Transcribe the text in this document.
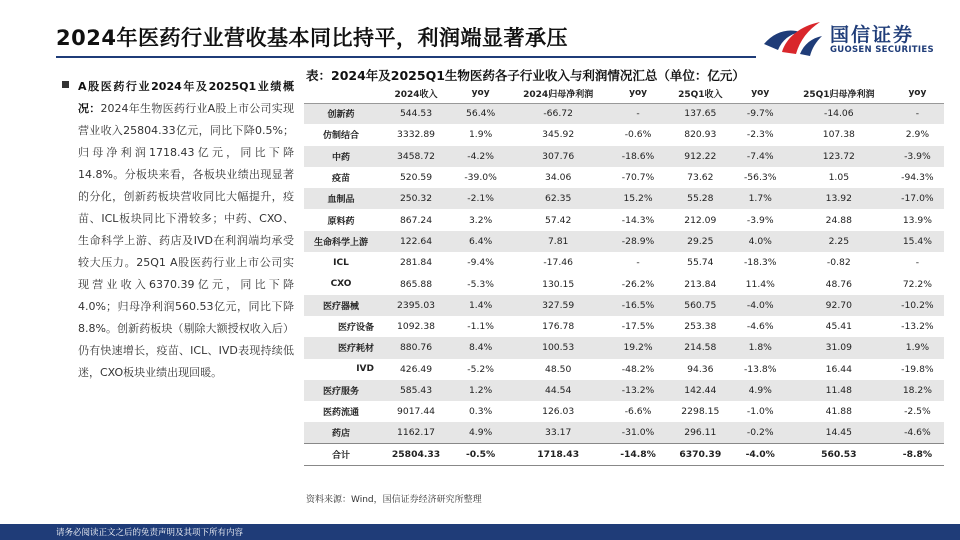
2024年医药行业营收基本同比持平，利润端显著承压	国信证券
GUOSEN SECURITIES
A股医药行业2024年及2025Q1业绩概况：2024年生物医药行业A股上市公司实现营业收入25804.33亿元，同比下降0.5%；归母净利润1718.43亿元，同比下降14.8%。分板块来看，各板块业绩出现显著的分化，创新药板块营收同比大幅提升，疫苗、ICL板块同比下滑较多；中药、CXO、生命科学上游、药店及IVD在利润端均承受较大压力。25Q1 A股医药行业上市公司实现营业收入6370.39亿元，同比下降4.0%；归母净利润560.53亿元，同比下降8.8%。创新药板块（剔除大额授权收入后）仍有快速增长，疫苗、ICL、IVD表现持续低迷，CXO板块业绩出现回暖。
表：2024年及2025Q1生物医药各子行业收入与利润情况汇总（单位：亿元）
	2024收入	yoy	2024归母净利润	yoy	25Q1收入	yoy	25Q1归母净利润	yoy
创新药	544.53	56.4%	-66.72	-	137.65	-9.7%	-14.06	-
仿制结合	3332.89	1.9%	345.92	-0.6%	820.93	-2.3%	107.38	2.9%
中药	3458.72	-4.2%	307.76	-18.6%	912.22	-7.4%	123.72	-3.9%
疫苗	520.59	-39.0%	34.06	-70.7%	73.62	-56.3%	1.05	-94.3%
血制品	250.32	-2.1%	62.35	15.2%	55.28	1.7%	13.92	-17.0%
原料药	867.24	3.2%	57.42	-14.3%	212.09	-3.9%	24.88	13.9%
生命科学上游	122.64	6.4%	7.81	-28.9%	29.25	4.0%	2.25	15.4%
ICL	281.84	-9.4%	-17.46	-	55.74	-18.3%	-0.82	-
CXO	865.88	-5.3%	130.15	-26.2%	213.84	11.4%	48.76	72.2%
医疗器械	2395.03	1.4%	327.59	-16.5%	560.75	-4.0%	92.70	-10.2%
医疗设备	1092.38	-1.1%	176.78	-17.5%	253.38	-4.6%	45.41	-13.2%
医疗耗材	880.76	8.4%	100.53	19.2%	214.58	1.8%	31.09	1.9%
IVD	426.49	-5.2%	48.50	-48.2%	94.36	-13.8%	16.44	-19.8%
医疗服务	585.43	1.2%	44.54	-13.2%	142.44	4.9%	11.48	18.2%
医药流通	9017.44	0.3%	126.03	-6.6%	2298.15	-1.0%	41.88	-2.5%
药店	1162.17	4.9%	33.17	-31.0%	296.11	-0.2%	14.45	-4.6%
合计	25804.33	-0.5%	1718.43	-14.8%	6370.39	-4.0%	560.53	-8.8%
资料来源：Wind，国信证券经济研究所整理
请务必阅读正文之后的免责声明及其项下所有内容
